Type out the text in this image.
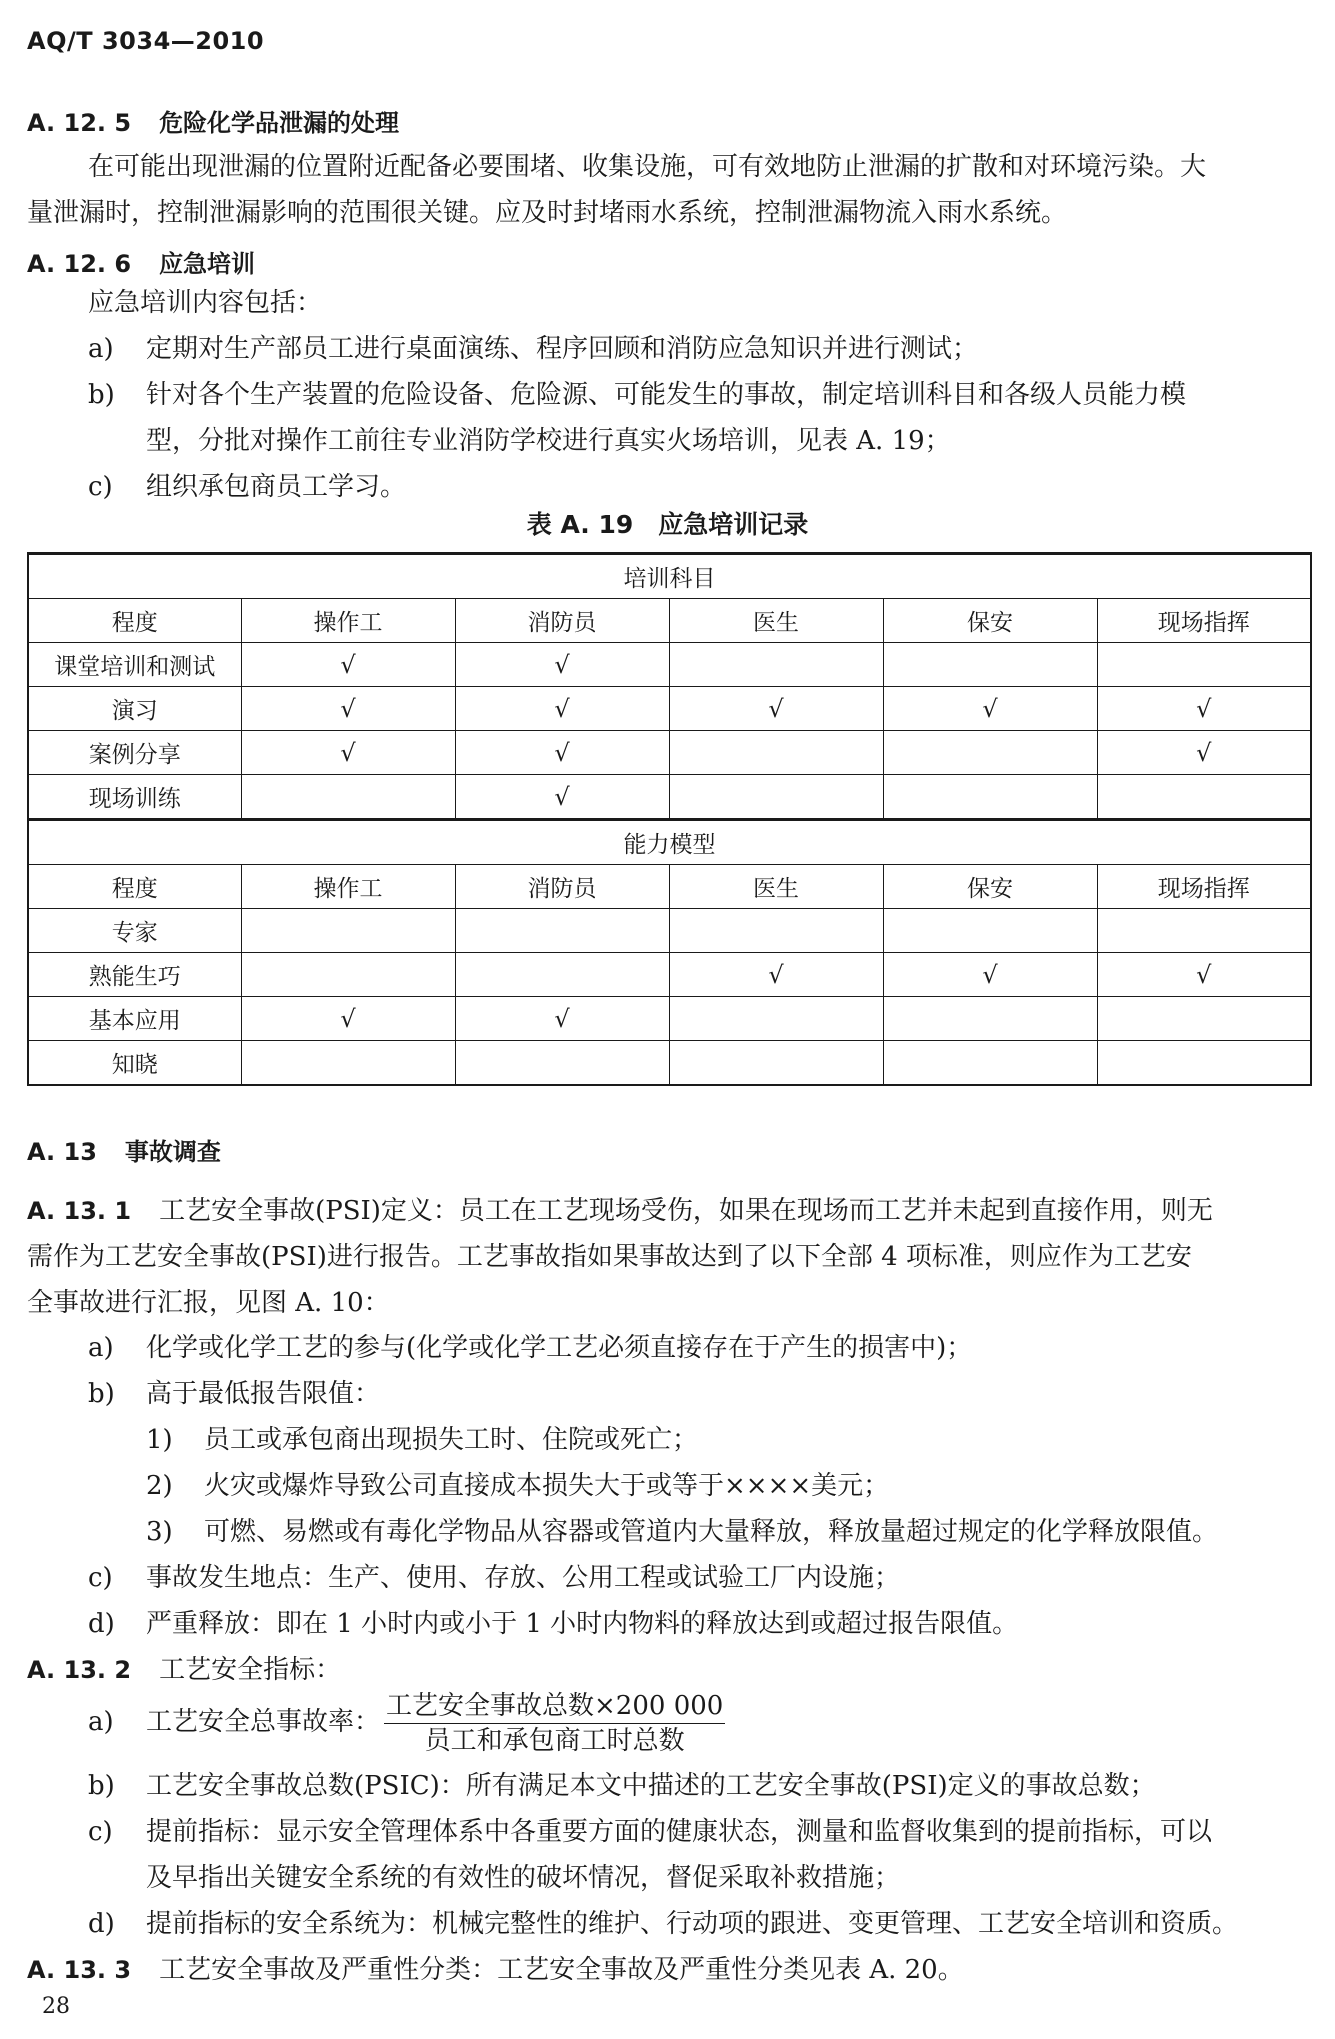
AQ/T 3034—2010
A. 12. 5 危险化学品泄漏的处理
在可能出现泄漏的位置附近配备必要围堵、收集设施，可有效地防止泄漏的扩散和对环境污染。大
量泄漏时，控制泄漏影响的范围很关键。应及时封堵雨水系统，控制泄漏物流入雨水系统。
A. 12. 6 应急培训
应急培训内容包括：
a) 定期对生产部员工进行桌面演练、程序回顾和消防应急知识并进行测试；
b) 针对各个生产装置的危险设备、危险源、可能发生的事故，制定培训科目和各级人员能力模
型，分批对操作工前往专业消防学校进行真实火场培训，见表 A. 19；
c) 组织承包商员工学习。
表 A. 19　应急培训记录
培训科目					
程度	操作工	消防员	医生	保安	现场指挥
课堂培训和测试	√	√			
演习	√	√	√	√	√
案例分享	√	√			√
现场训练		√			
能力模型					
程度	操作工	消防员	医生	保安	现场指挥
专家					
熟能生巧			√	√	√
基本应用	√	√			
知晓					
A. 13 事故调查
A. 13. 1 工艺安全事故(PSI)定义：员工在工艺现场受伤，如果在现场而工艺并未起到直接作用，则无
需作为工艺安全事故(PSI)进行报告。工艺事故指如果事故达到了以下全部 4 项标准，则应作为工艺安
全事故进行汇报，见图 A. 10：
a) 化学或化学工艺的参与(化学或化学工艺必须直接存在于产生的损害中)；
b) 高于最低报告限值：
1) 员工或承包商出现损失工时、住院或死亡；
2) 火灾或爆炸导致公司直接成本损失大于或等于××××美元；
3) 可燃、易燃或有毒化学物品从容器或管道内大量释放，释放量超过规定的化学释放限值。
c) 事故发生地点：生产、使用、存放、公用工程或试验工厂内设施；
d) 严重释放：即在 1 小时内或小于 1 小时内物料的释放达到或超过报告限值。
A. 13. 2 工艺安全指标：
a) 工艺安全总事故率： $\frac{\text{工艺安全事故总数×200 000}}{\text{员工和承包商工时总数}}$
b) 工艺安全事故总数(PSIC)：所有满足本文中描述的工艺安全事故(PSI)定义的事故总数；
c) 提前指标：显示安全管理体系中各重要方面的健康状态，测量和监督收集到的提前指标，可以
及早指出关键安全系统的有效性的破坏情况，督促采取补救措施；
d) 提前指标的安全系统为：机械完整性的维护、行动项的跟进、变更管理、工艺安全培训和资质。
A. 13. 3 工艺安全事故及严重性分类：工艺安全事故及严重性分类见表 A. 20。
28
